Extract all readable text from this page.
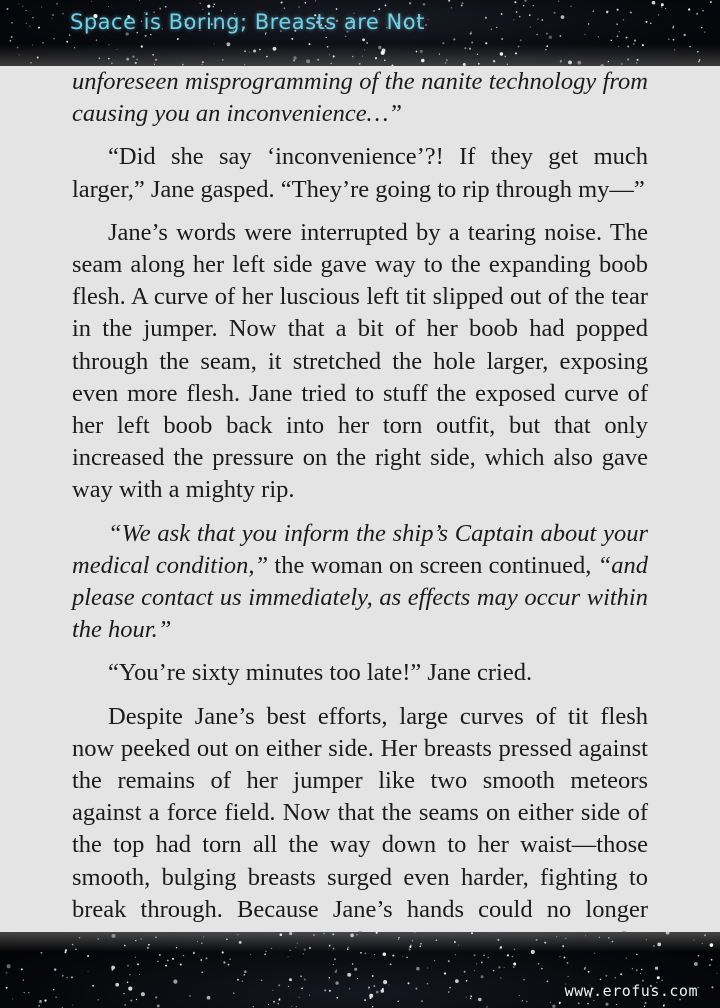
Space is Boring; Breasts are Not

unforeseen misprogramming of the nanite technology from causing you an inconvenience…”

“Did she say ‘inconvenience’?! If they get much larger,” Jane gasped. “They’re going to rip through my—”

Jane’s words were interrupted by a tearing noise. The seam along her left side gave way to the expanding boob flesh. A curve of her luscious left tit slipped out of the tear in the jumper. Now that a bit of her boob had popped through the seam, it stretched the hole larger, exposing even more flesh. Jane tried to stuff the exposed curve of her left boob back into her torn outfit, but that only increased the pressure on the right side, which also gave way with a mighty rip.

“We ask that you inform the ship’s Captain about your medical condition,” the woman on screen continued, “and please contact us immediately, as effects may occur within the hour.”

“You’re sixty minutes too late!” Jane cried.

Despite Jane’s best efforts, large curves of tit flesh now peeked out on either side. Her breasts pressed against the remains of her jumper like two smooth meteors against a force field. Now that the seams on either side of the top had torn all the way down to her waist—those smooth, bulging breasts surged even harder, fighting to break through. Because Jane’s hands could no longer

www.erofus.com
